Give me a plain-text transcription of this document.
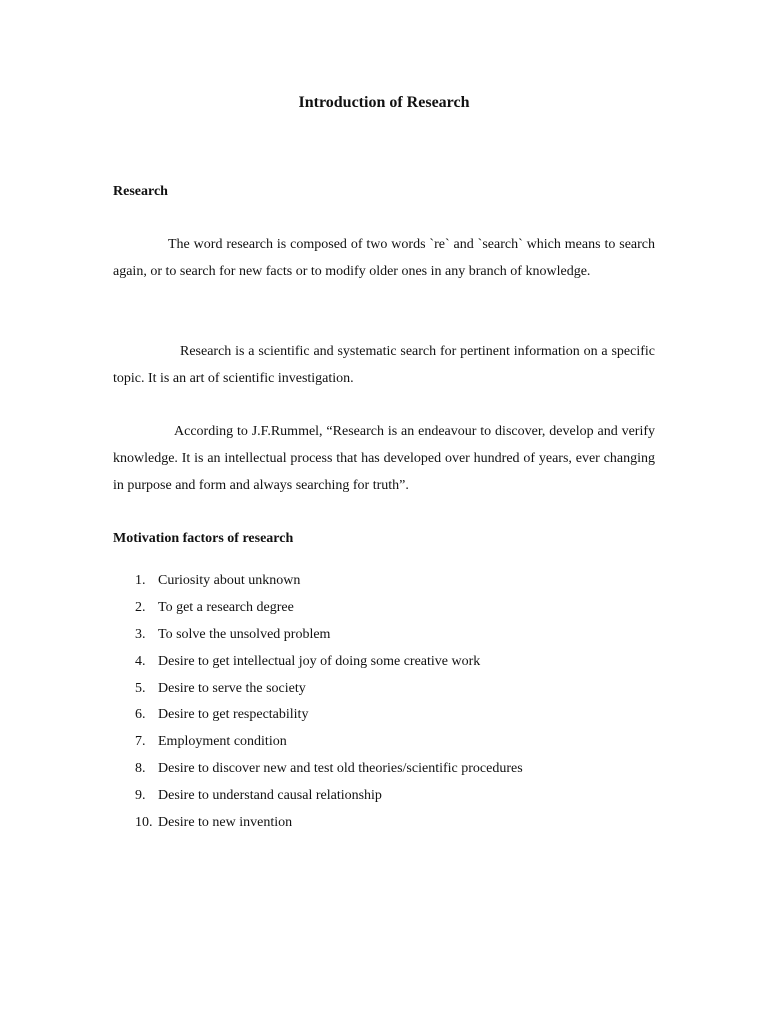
Introduction of Research
Research

The word research is composed of two words `re` and `search` which means to search again, or to search for new facts or to modify older ones in any branch of knowledge.

Research is a scientific and systematic search for pertinent information on a specific topic. It is an art of scientific investigation.

According to J.F.Rummel, “Research is an endeavour to discover, develop and verify knowledge. It is an intellectual process that has developed over hundred of years, ever changing in purpose and form and always searching for truth”.

Motivation factors of research
1. Curiosity about unknown
2. To get a research degree
3. To solve the unsolved problem
4. Desire to get intellectual joy of doing some creative work
5. Desire to serve the society
6. Desire to get respectability
7. Employment condition
8. Desire to discover new and test old theories/scientific procedures
9. Desire to understand causal relationship
10. Desire to new invention
